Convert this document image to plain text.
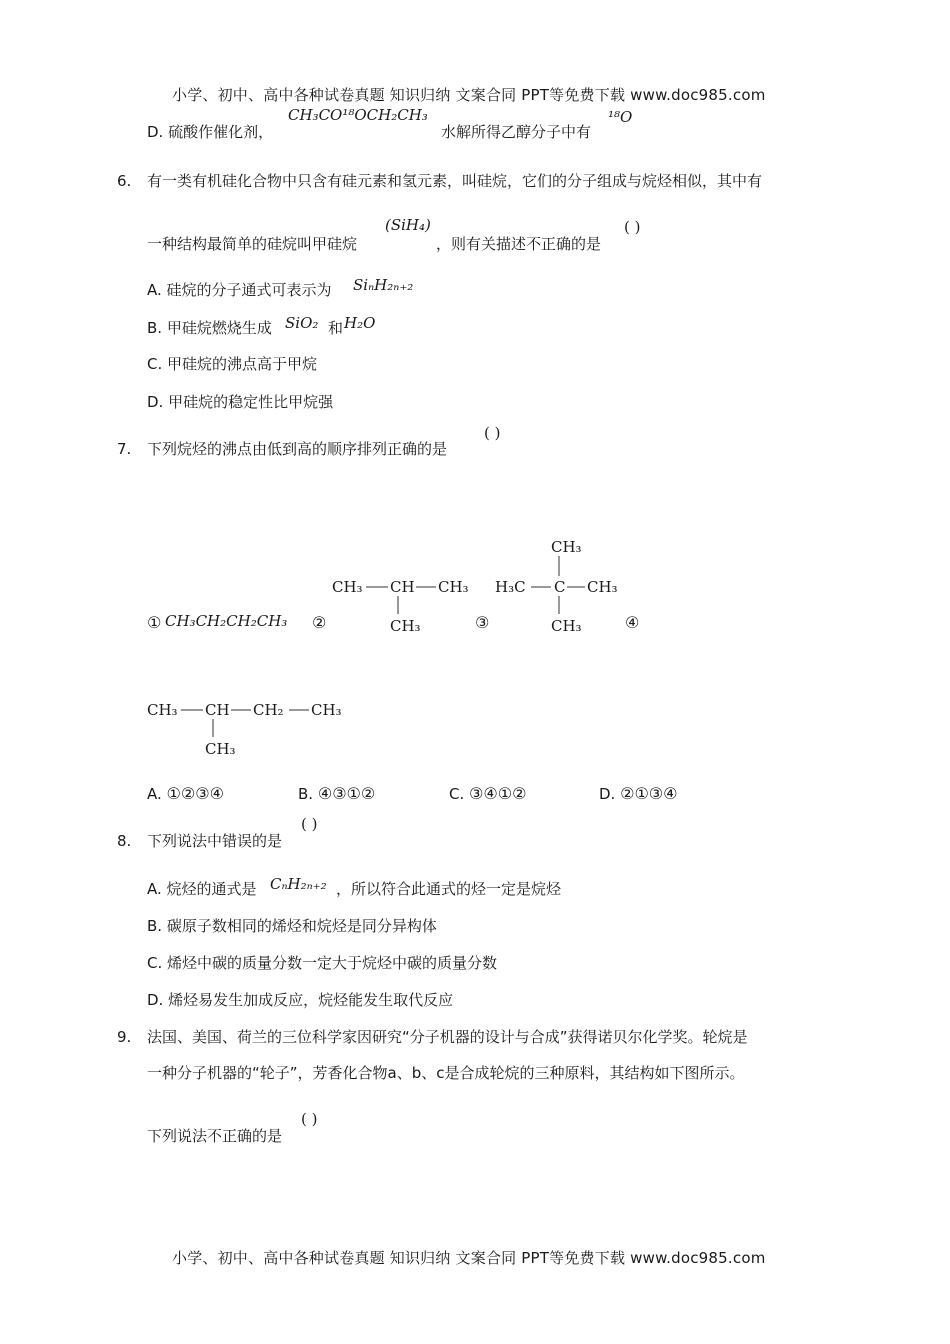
小学、初中、高中各种试卷真题 知识归纳 文案合同 PPT等免费下载 www.doc985.com
D. 硫酸作催化剂，
CH₃CO¹⁸OCH₂CH₃
水解所得乙醇分子中有
¹⁸O
6. 有一类有机硅化合物中只含有硅元素和氢元素，叫硅烷，它们的分子组成与烷烃相似，其中有
一种结构最简单的硅烷叫甲硅烷
(SiH₄)
，则有关描述不正确的是
( )
A. 硅烷的分子通式可表示为 SiₙH₂ₙ₊₂
B. 甲硅烷燃烧生成 SiO₂ 和 H₂O
C. 甲硅烷的沸点高于甲烷
D. 甲硅烷的稳定性比甲烷强
7. 下列烷烃的沸点由低到高的顺序排列正确的是
( )
① CH₃CH₂CH₂CH₃ ②	③	④
CH₃ CH CH₃
CH₃
CH₃
H₃C C CH₃
CH₃
CH₃ CH CH₂ CH₃
CH₃
A. ①②③④	B. ④③①②	C. ③④①②	D. ②①③④
8. 下列说法中错误的是
( )
A. 烷烃的通式是 CₙH₂ₙ₊₂ ，所以符合此通式的烃一定是烷烃
B. 碳原子数相同的烯烃和烷烃是同分异构体
C. 烯烃中碳的质量分数一定大于烷烃中碳的质量分数
D. 烯烃易发生加成反应，烷烃能发生取代反应
9. 法国、美国、荷兰的三位科学家因研究“分子机器的设计与合成”获得诺贝尔化学奖。轮烷是
一种分子机器的“轮子”，芳香化合物a、b、c是合成轮烷的三种原料，其结构如下图所示。
下列说法不正确的是
( )
小学、初中、高中各种试卷真题 知识归纳 文案合同 PPT等免费下载 www.doc985.com
